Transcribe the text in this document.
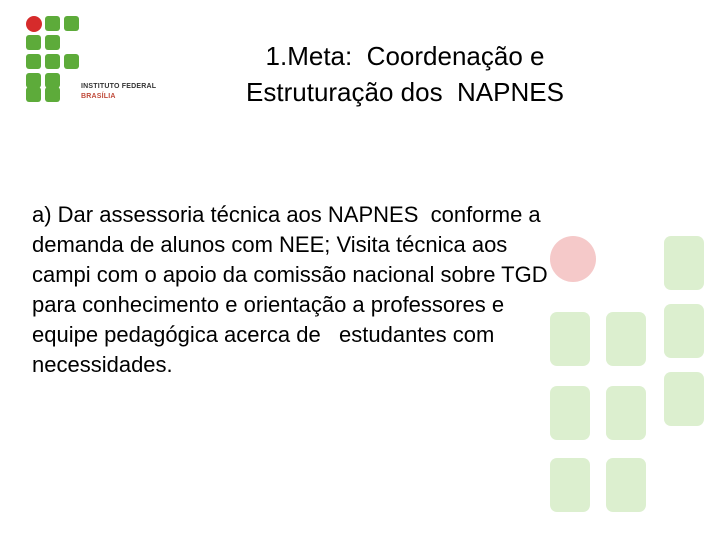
INSTITUTO FEDERAL
BRASÍLIA
1.Meta:  Coordenação e
Estruturação dos  NAPNES

a) Dar assessoria técnica aos NAPNES  conforme a
demanda de alunos com NEE; Visita técnica aos
campi com o apoio da comissão nacional sobre TGD
para conhecimento e orientação a professores e
equipe pedagógica acerca de   estudantes com
necessidades.
